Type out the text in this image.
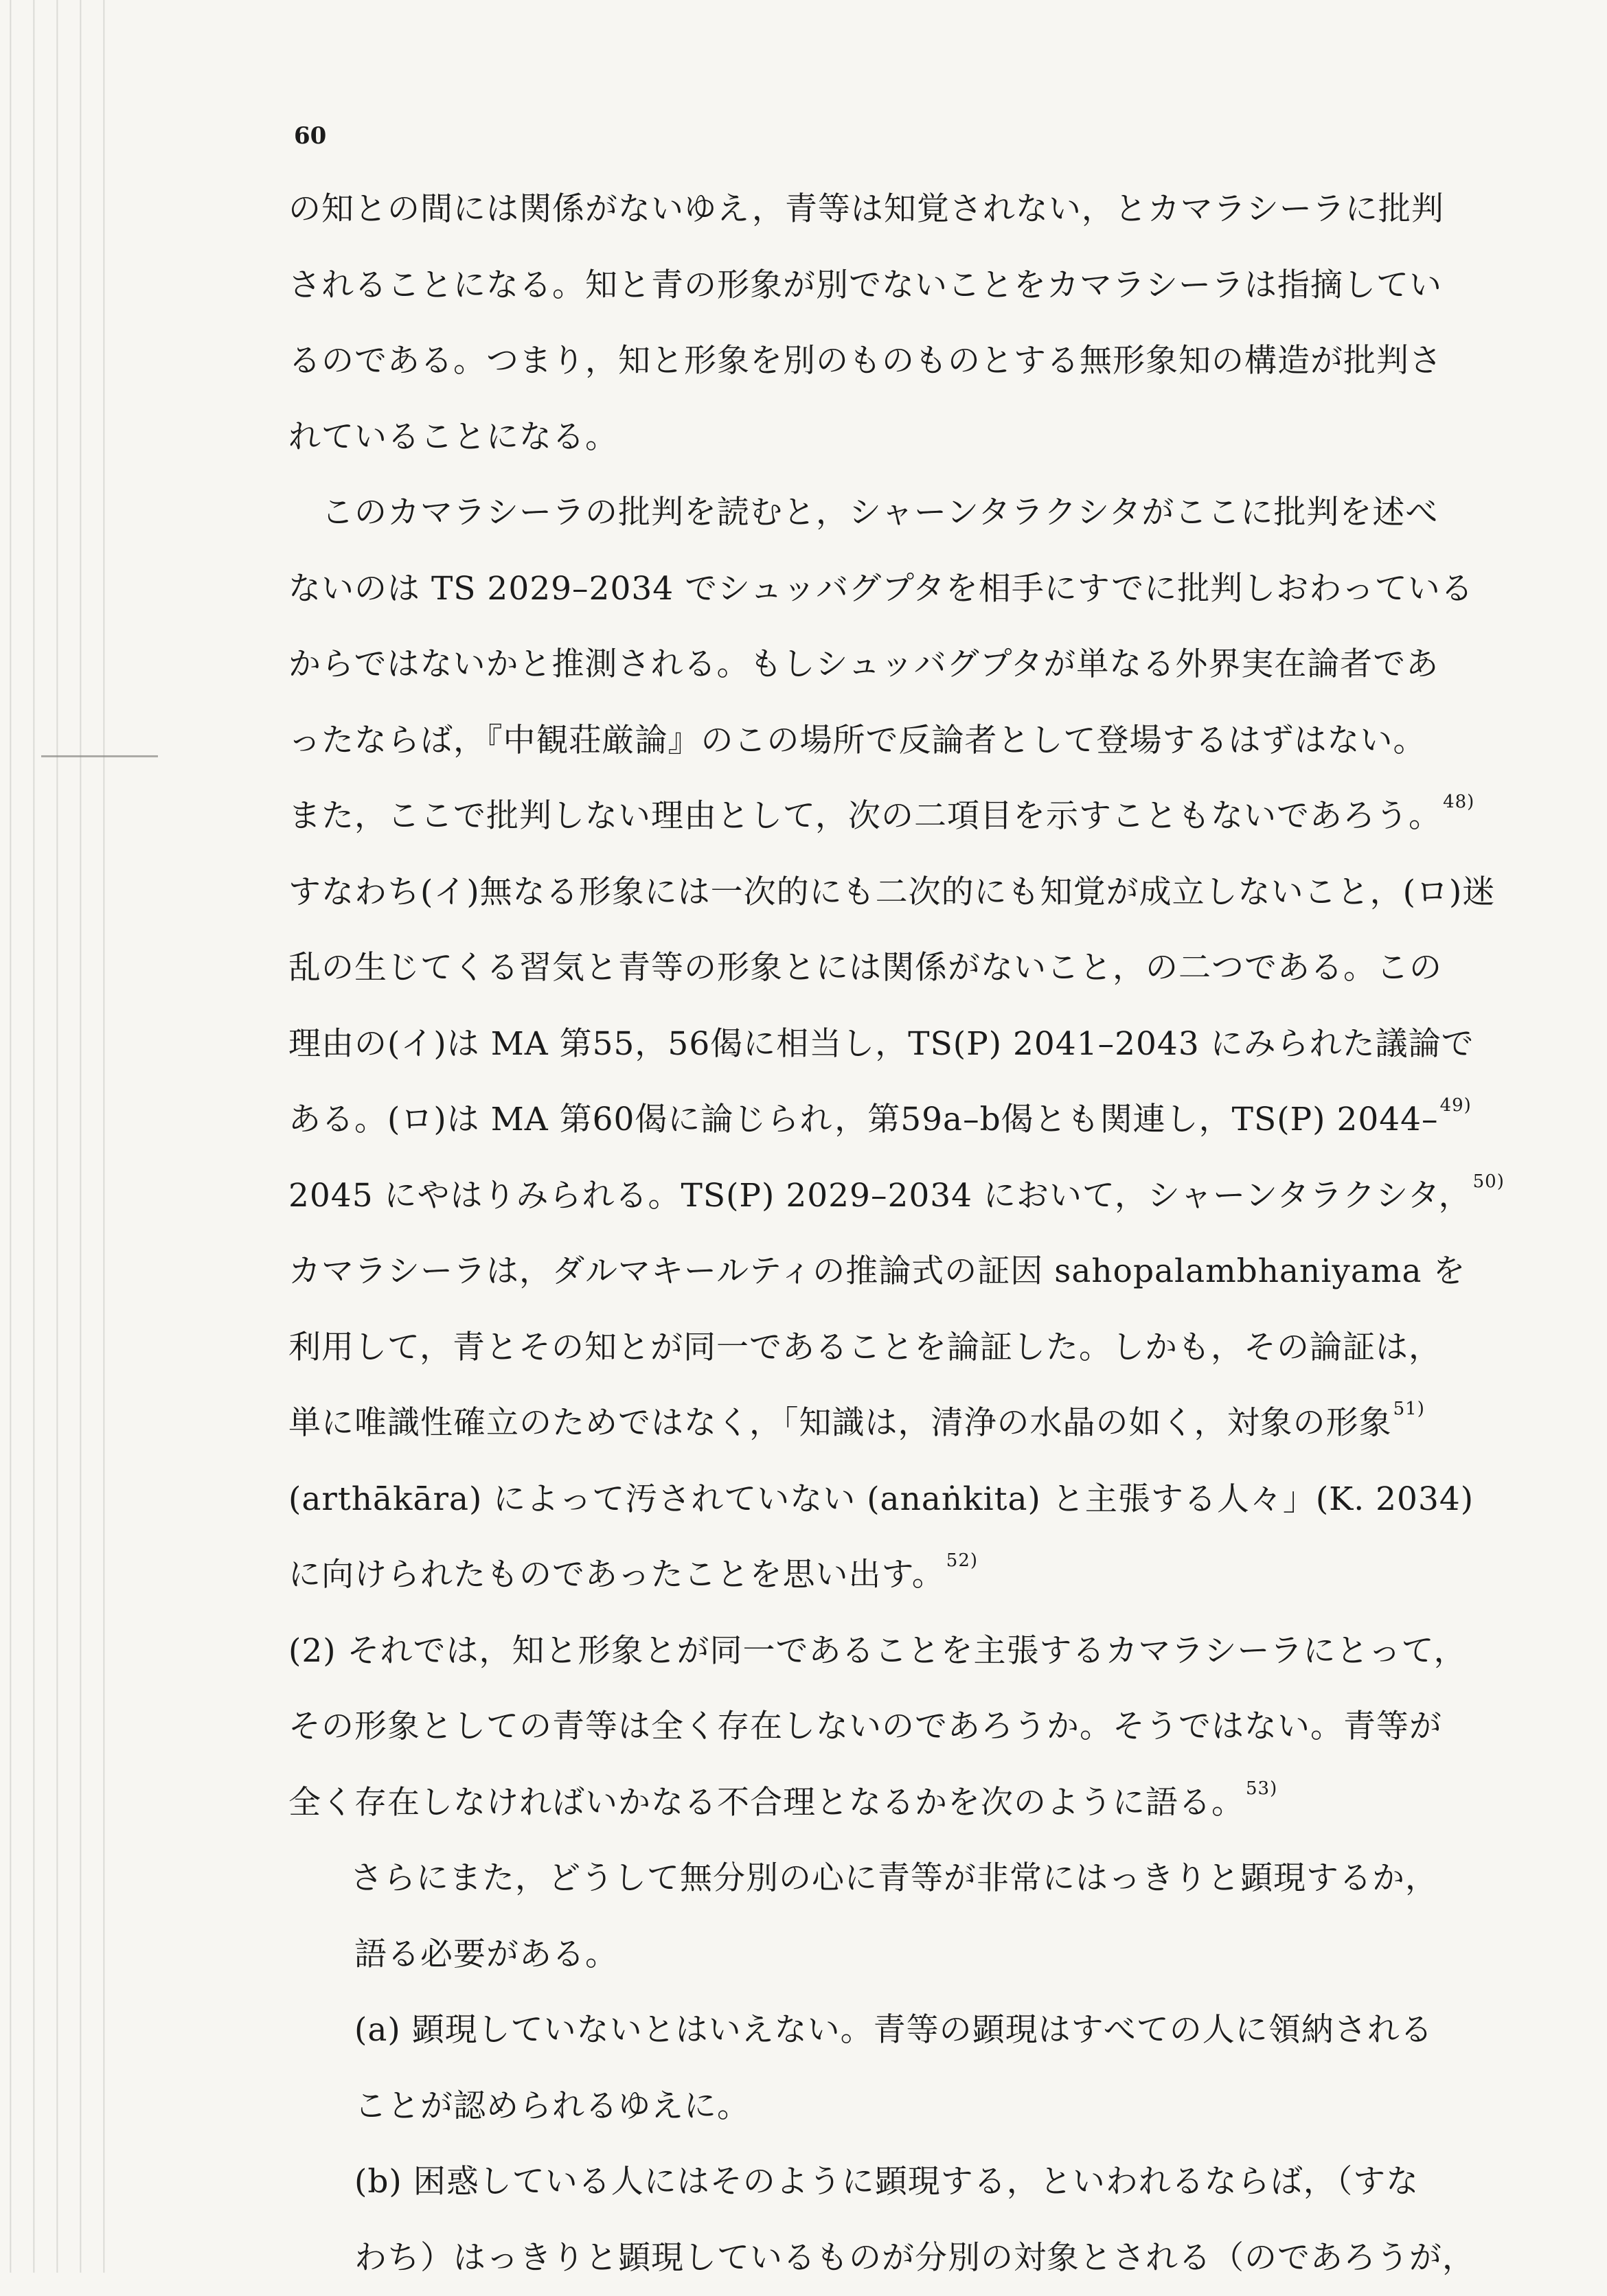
60
の知との間には関係がないゆえ，青等は知覚されない，とカマラシーラに批判
されることになる。知と青の形象が別でないことをカマラシーラは指摘してい
るのである。つまり，知と形象を別のものものとする無形象知の構造が批判さ
れていることになる。
このカマラシーラの批判を読むと，シャーンタラクシタがここに批判を述べ
ないのは TS 2029–2034 でシュッバグプタを相手にすでに批判しおわっている
からではないかと推測される。もしシュッバグプタが単なる外界実在論者であ
ったならば，『中観荘厳論』のこの場所で反論者として登場するはずはない。
また，ここで批判しない理由として，次の二項目を示すこともないであろう。$^{48)}$
すなわち(イ)無なる形象には一次的にも二次的にも知覚が成立しないこと，(ロ)迷
乱の生じてくる習気と青等の形象とには関係がないこと，の二つである。この
理由の(イ)は MA 第55，56偈に相当し，TS(P) 2041–2043 にみられた議論で
ある。(ロ)は MA 第60偈に論じられ，第59a–b偈とも関連し，TS(P) 2044–$^{49)}$
2045 にやはりみられる。TS(P) 2029–2034 において，シャーンタラクシタ，$^{50)}$
カマラシーラは，ダルマキールティの推論式の証因 sahopalambhaniyama を
利用して，青とその知とが同一であることを論証した。しかも，その論証は，
単に唯識性確立のためではなく，「知識は，清浄の水晶の如く，対象の形象$^{51)}$
(arthākāra) によって汚されていない (anaṅkita) と主張する人々」(K. 2034)
に向けられたものであったことを思い出す。$^{52)}$
(2) それでは，知と形象とが同一であることを主張するカマラシーラにとって，
その形象としての青等は全く存在しないのであろうか。そうではない。青等が
全く存在しなければいかなる不合理となるかを次のように語る。$^{53)}$
さらにまた，どうして無分別の心に青等が非常にはっきりと顕現するか，
語る必要がある。
(a) 顕現していないとはいえない。青等の顕現はすべての人に領納される
ことが認められるゆえに。
(b) 困惑している人にはそのように顕現する，といわれるならば，（すな
わち）はっきりと顕現しているものが分別の対象とされる（のであろうが，
